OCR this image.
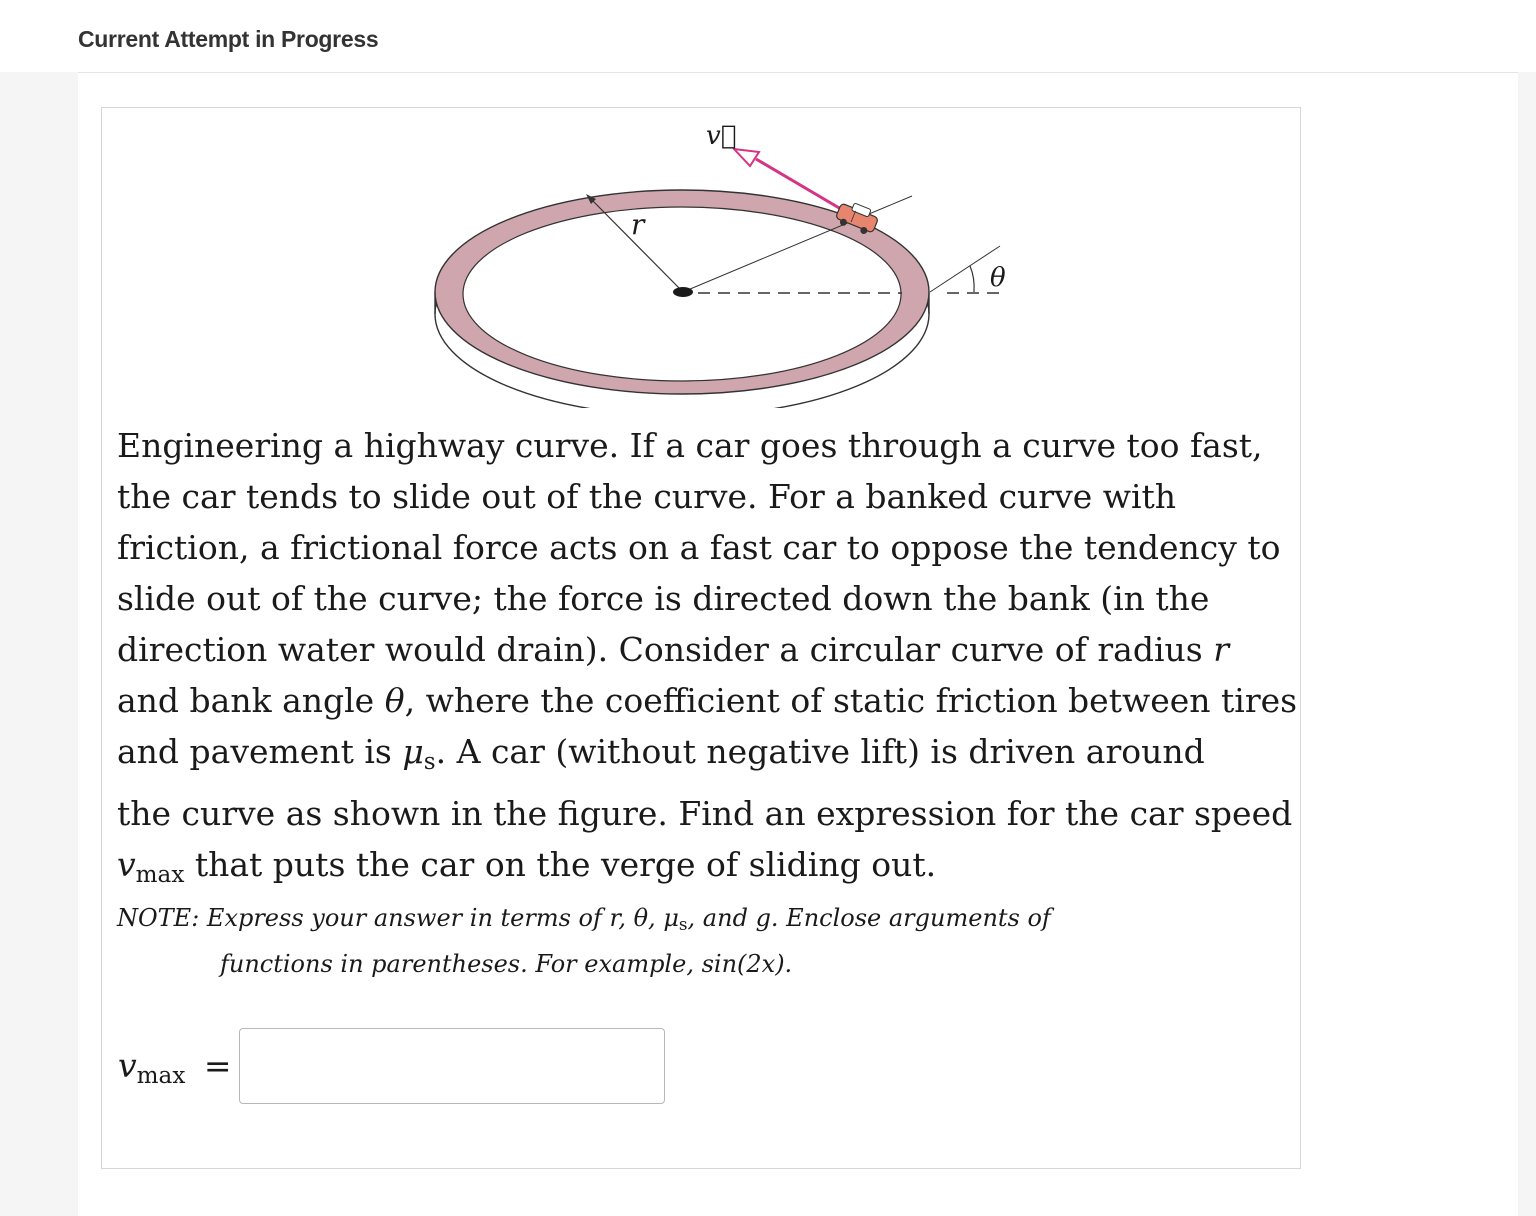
Current Attempt in Progress
v⃗
r
θ
Engineering a highway curve. If a car goes through a curve too fast,
the car tends to slide out of the curve. For a banked curve with
friction, a frictional force acts on a fast car to oppose the tendency to
slide out of the curve; the force is directed down the bank (in the
direction water would drain). Consider a circular curve of radius r
and bank angle θ, where the coefficient of static friction between tires
and pavement is $\mu_s$. A car (without negative lift) is driven around
the curve as shown in the figure. Find an expression for the car speed
$v_{max}$ that puts the car on the verge of sliding out.
NOTE: Express your answer in terms of r, θ, $\mu_s$, and g. Enclose arguments of
functions in parentheses. For example, sin(2x).
$v_{max}$ =
